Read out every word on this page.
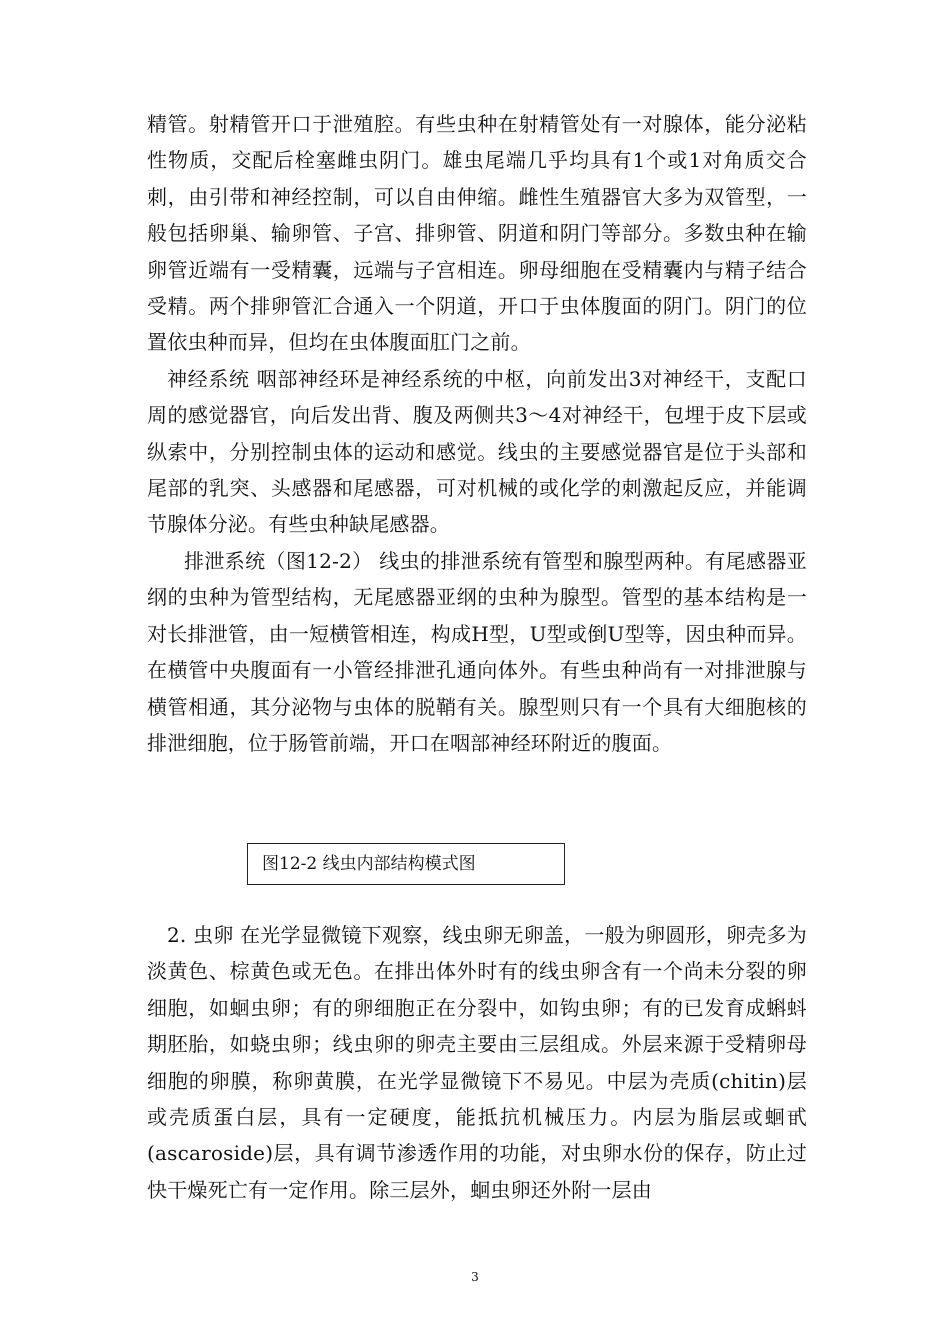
精管。射精管开口于泄殖腔。有些虫种在射精管处有一对腺体，能分泌粘性物质，交配后栓塞雌虫阴门。雄虫尾端几乎均具有1个或1对角质交合刺，由引带和神经控制，可以自由伸缩。雌性生殖器官大多为双管型，一般包括卵巢、输卵管、子宫、排卵管、阴道和阴门等部分。多数虫种在输卵管近端有一受精囊，远端与子宫相连。卵母细胞在受精囊内与精子结合受精。两个排卵管汇合通入一个阴道，开口于虫体腹面的阴门。阴门的位置依虫种而异，但均在虫体腹面肛门之前。

神经系统 咽部神经环是神经系统的中枢，向前发出3对神经干，支配口周的感觉器官，向后发出背、腹及两侧共3～4对神经干，包埋于皮下层或纵索中，分别控制虫体的运动和感觉。线虫的主要感觉器官是位于头部和尾部的乳突、头感器和尾感器，可对机械的或化学的刺激起反应，并能调节腺体分泌。有些虫种缺尾感器。

排泄系统（图12-2） 线虫的排泄系统有管型和腺型两种。有尾感器亚纲的虫种为管型结构，无尾感器亚纲的虫种为腺型。管型的基本结构是一对长排泄管，由一短横管相连，构成H型，U型或倒U型等，因虫种而异。在横管中央腹面有一小管经排泄孔通向体外。有些虫种尚有一对排泄腺与横管相通，其分泌物与虫体的脱鞘有关。腺型则只有一个具有大细胞核的排泄细胞，位于肠管前端，开口在咽部神经环附近的腹面。

图12-2 线虫内部结构模式图

2. 虫卵 在光学显微镜下观察，线虫卵无卵盖，一般为卵圆形，卵壳多为淡黄色、棕黄色或无色。在排出体外时有的线虫卵含有一个尚未分裂的卵细胞，如蛔虫卵；有的卵细胞正在分裂中，如钩虫卵；有的已发育成蝌蚪期胚胎，如蛲虫卵；线虫卵的卵壳主要由三层组成。外层来源于受精卵母细胞的卵膜，称卵黄膜，在光学显微镜下不易见。中层为壳质(chitin)层或壳质蛋白层，具有一定硬度，能抵抗机械压力。内层为脂层或蛔甙(ascaroside)层，具有调节渗透作用的功能，对虫卵水份的保存，防止过快干燥死亡有一定作用。除三层外，蛔虫卵还外附一层由

3
